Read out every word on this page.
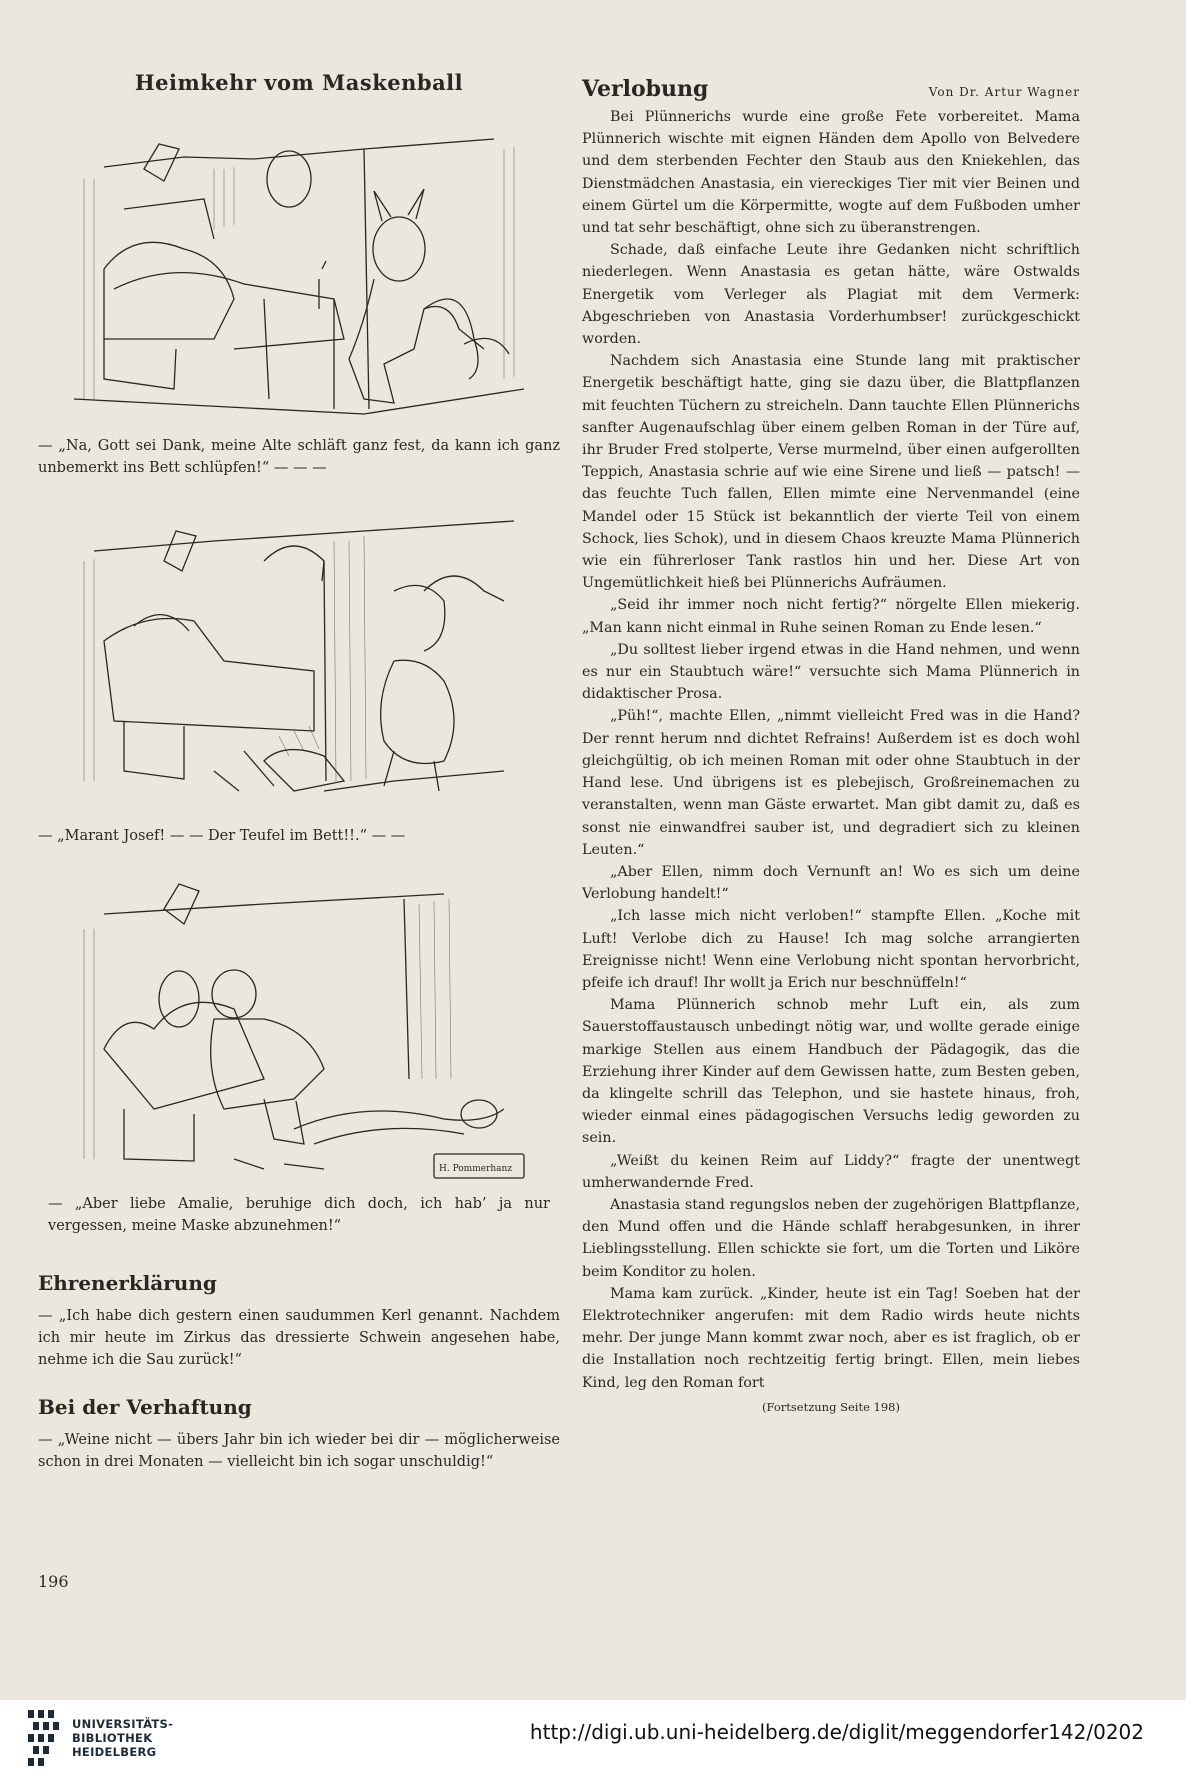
Heimkehr vom Maskenball

— „Na, Gott sei Dank, meine Alte schläft ganz fest, da kann ich ganz unbemerkt ins Bett schlüpfen!“ — — —

— „Marant Josef! — — Der Teufel im Bett!!.“ — —

H. Pommerhanz

— „Aber liebe Amalie, beruhige dich doch, ich hab’ ja nur vergessen, meine Maske abzunehmen!“

Ehrenerklärung

— „Ich habe dich gestern einen saudummen Kerl genannt. Nachdem ich mir heute im Zirkus das dressierte Schwein angesehen habe, nehme ich die Sau zurück!“

Bei der Verhaftung

— „Weine nicht — übers Jahr bin ich wieder bei dir — möglicherweise schon in drei Monaten — vielleicht bin ich sogar unschuldig!“

196
Verlobung	Von Dr. Artur Wagner

Bei Plünnerichs wurde eine große Fete vorbereitet. Mama Plünnerich wischte mit eignen Händen dem Apollo von Belvedere und dem sterbenden Fechter den Staub aus den Kniekehlen, das Dienstmädchen Anastasia, ein viereckiges Tier mit vier Beinen und einem Gürtel um die Körpermitte, wogte auf dem Fußboden umher und tat sehr beschäftigt, ohne sich zu überanstrengen.

Schade, daß einfache Leute ihre Gedanken nicht schriftlich niederlegen. Wenn Anastasia es getan hätte, wäre Ostwalds Energetik vom Verleger als Plagiat mit dem Vermerk: Abgeschrieben von Anastasia Vorderhumbser! zurückgeschickt worden.

Nachdem sich Anastasia eine Stunde lang mit praktischer Energetik beschäftigt hatte, ging sie dazu über, die Blattpflanzen mit feuchten Tüchern zu streicheln. Dann tauchte Ellen Plünnerichs sanfter Augenaufschlag über einem gelben Roman in der Türe auf, ihr Bruder Fred stolperte, Verse murmelnd, über einen aufgerollten Teppich, Anastasia schrie auf wie eine Sirene und ließ — patsch! — das feuchte Tuch fallen, Ellen mimte eine Nervenmandel (eine Mandel oder 15 Stück ist bekanntlich der vierte Teil von einem Schock, lies Schok), und in diesem Chaos kreuzte Mama Plünnerich wie ein führerloser Tank rastlos hin und her. Diese Art von Ungemütlichkeit hieß bei Plünnerichs Aufräumen.

„Seid ihr immer noch nicht fertig?“ nörgelte Ellen miekerig. „Man kann nicht einmal in Ruhe seinen Roman zu Ende lesen.“

„Du solltest lieber irgend etwas in die Hand nehmen, und wenn es nur ein Staubtuch wäre!“ versuchte sich Mama Plünnerich in didaktischer Prosa.

„Püh!“, machte Ellen, „nimmt vielleicht Fred was in die Hand? Der rennt herum nnd dichtet Refrains! Außerdem ist es doch wohl gleichgültig, ob ich meinen Roman mit oder ohne Staubtuch in der Hand lese. Und übrigens ist es plebejisch, Großreinemachen zu veranstalten, wenn man Gäste erwartet. Man gibt damit zu, daß es sonst nie einwandfrei sauber ist, und degradiert sich zu kleinen Leuten.“

„Aber Ellen, nimm doch Vernunft an! Wo es sich um deine Verlobung handelt!“

„Ich lasse mich nicht verloben!“ stampfte Ellen. „Koche mit Luft! Verlobe dich zu Hause! Ich mag solche arrangierten Ereignisse nicht! Wenn eine Verlobung nicht spontan hervorbricht, pfeife ich drauf! Ihr wollt ja Erich nur beschnüffeln!“

Mama Plünnerich schnob mehr Luft ein, als zum Sauerstoffaustausch unbedingt nötig war, und wollte gerade einige markige Stellen aus einem Handbuch der Pädagogik, das die Erziehung ihrer Kinder auf dem Gewissen hatte, zum Besten geben, da klingelte schrill das Telephon, und sie hastete hinaus, froh, wieder einmal eines pädagogischen Versuchs ledig geworden zu sein.

„Weißt du keinen Reim auf Liddy?“ fragte der unentwegt umherwandernde Fred.

Anastasia stand regungslos neben der zugehörigen Blattpflanze, den Mund offen und die Hände schlaff herabgesunken, in ihrer Lieblingsstellung. Ellen schickte sie fort, um die Torten und Liköre beim Konditor zu holen.

Mama kam zurück. „Kinder, heute ist ein Tag! Soeben hat der Elektrotechniker angerufen: mit dem Radio wirds heute nichts mehr. Der junge Mann kommt zwar noch, aber es ist fraglich, ob er die Installation noch rechtzeitig fertig bringt. Ellen, mein liebes Kind, leg den Roman fort

(Fortsetzung Seite 198)
UNIVERSITÄTS-
BIBLIOTHEK
HEIDELBERG
http://digi.ub.uni-heidelberg.de/diglit/meggendorfer142/0202
